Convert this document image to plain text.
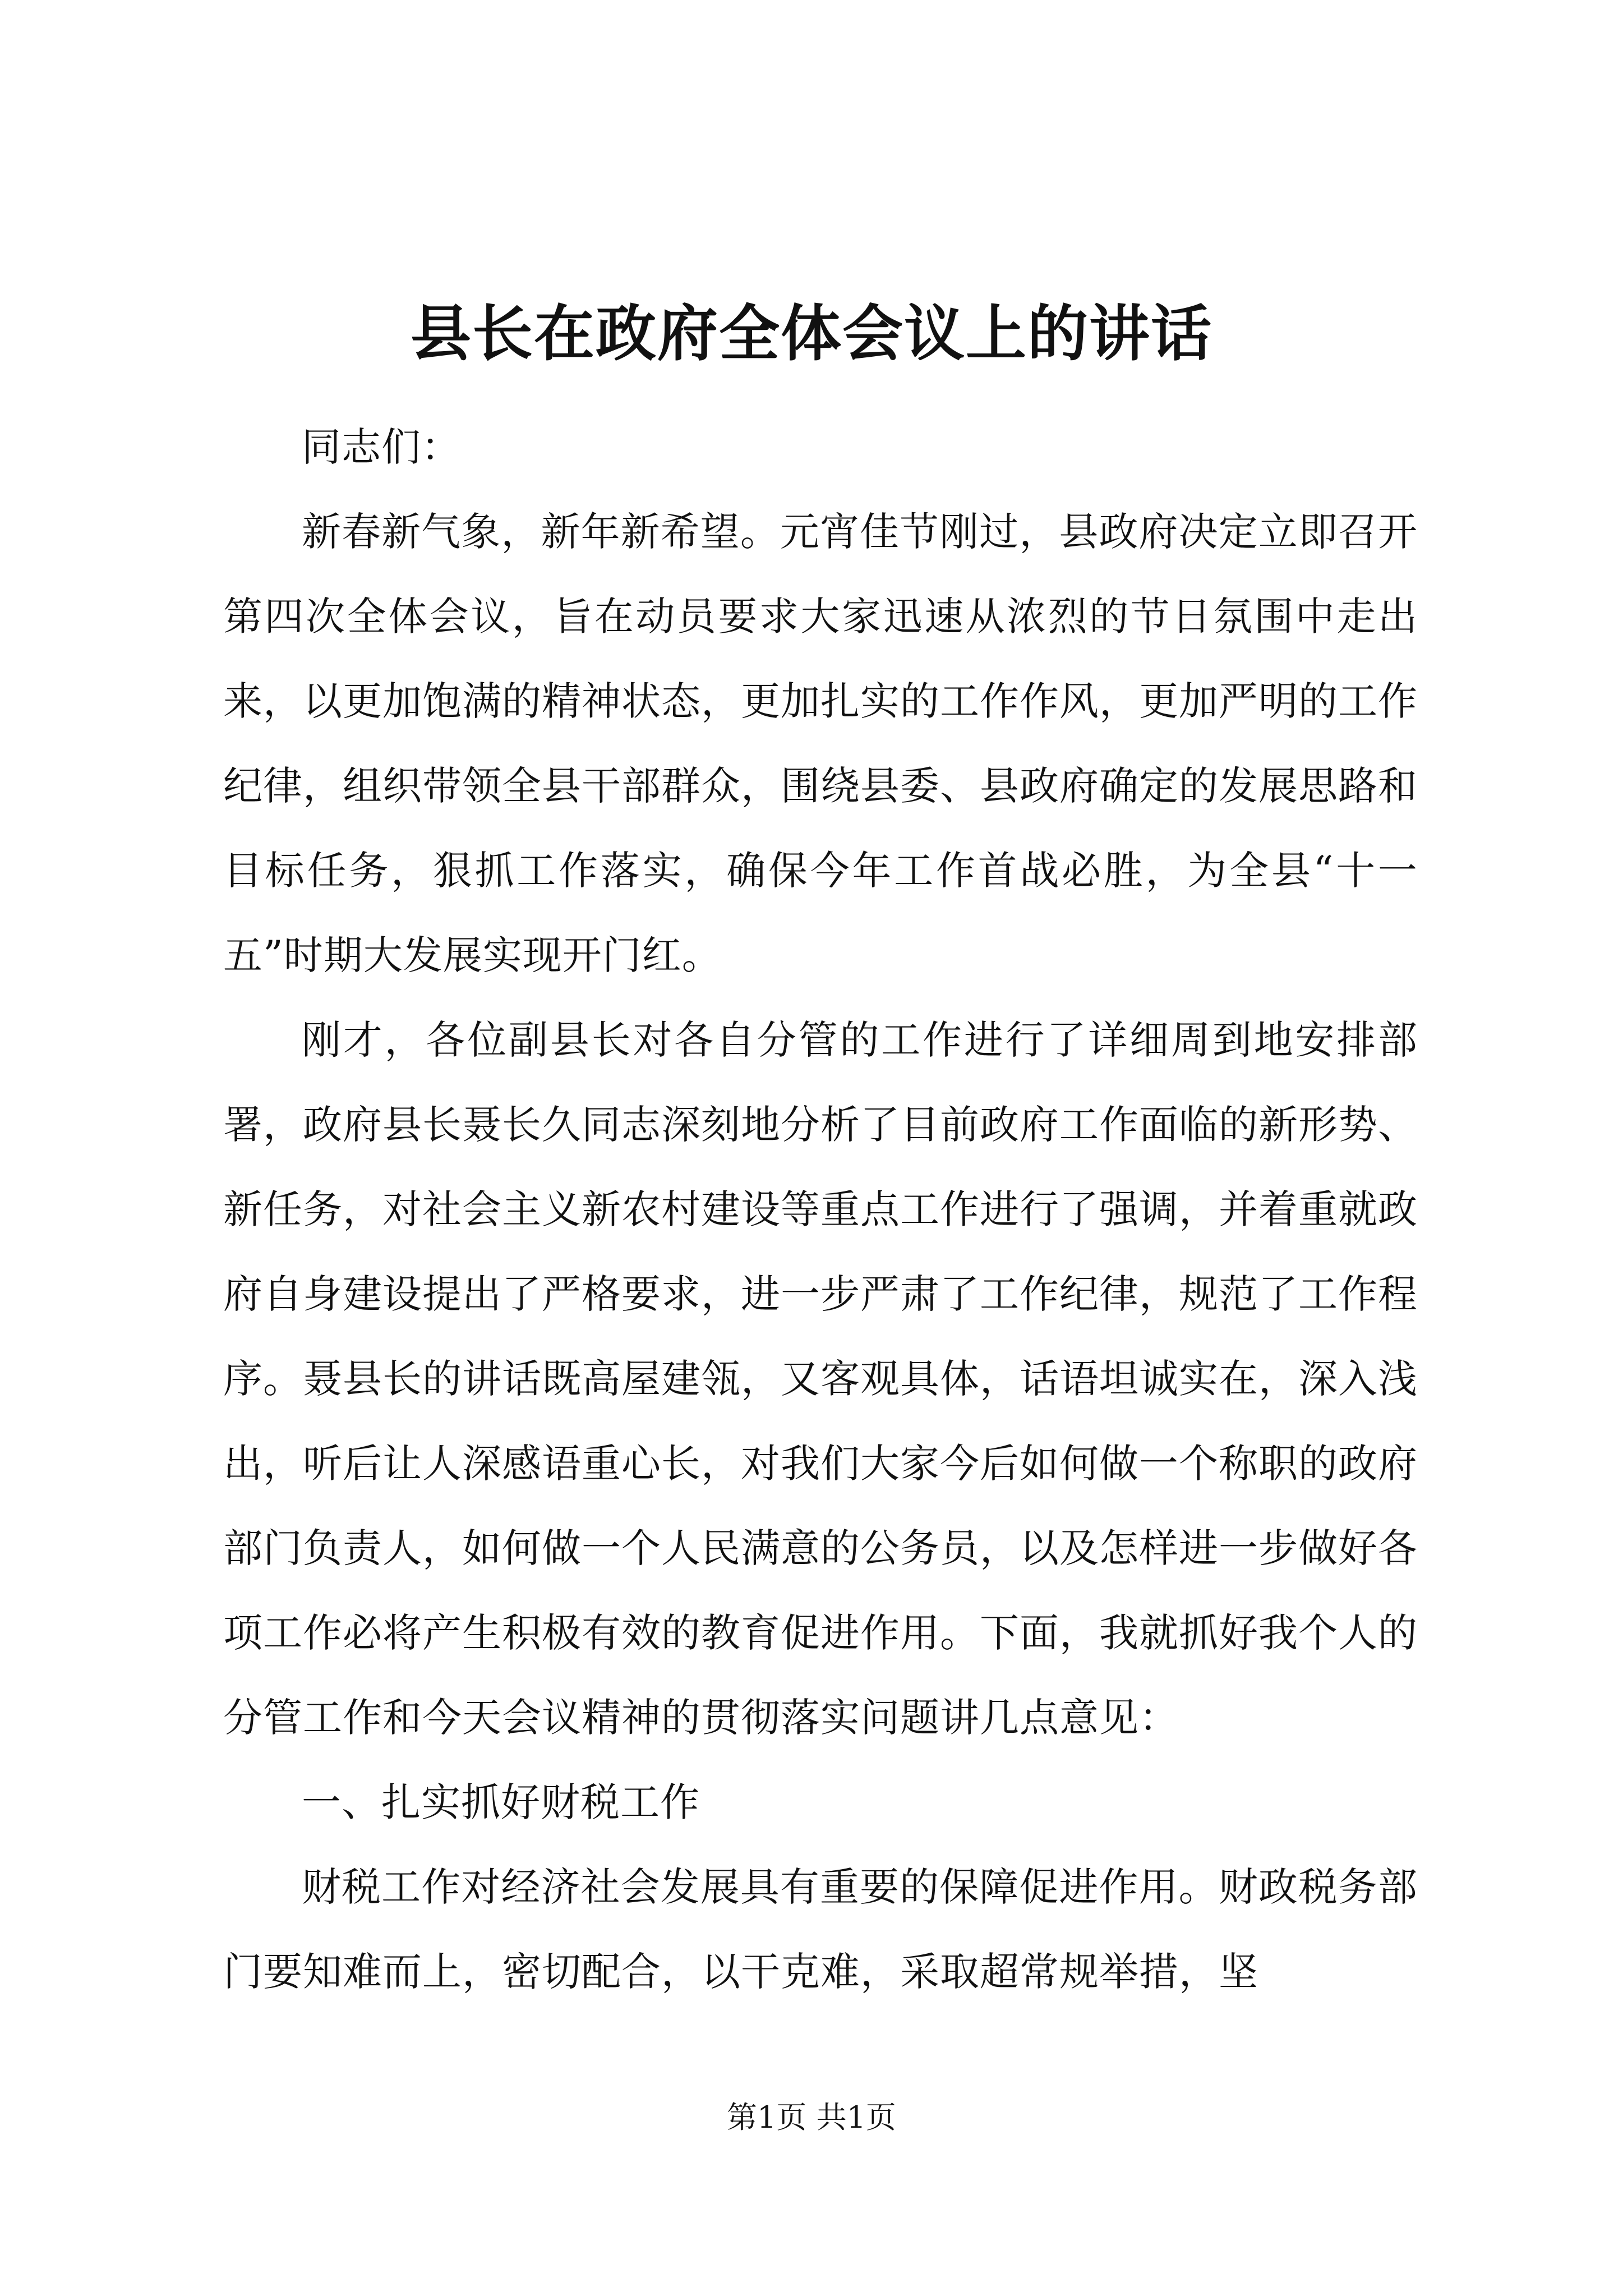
县长在政府全体会议上的讲话

同志们：

新春新气象，新年新希望。元宵佳节刚过，县政府决定立即召开第四次全体会议，旨在动员要求大家迅速从浓烈的节日氛围中走出来，以更加饱满的精神状态，更加扎实的工作作风，更加严明的工作纪律，组织带领全县干部群众，围绕县委、县政府确定的发展思路和目标任务，狠抓工作落实，确保今年工作首战必胜，为全县“十一五”时期大发展实现开门红。

刚才，各位副县长对各自分管的工作进行了详细周到地安排部署，政府县长聂长久同志深刻地分析了目前政府工作面临的新形势、新任务，对社会主义新农村建设等重点工作进行了强调，并着重就政府自身建设提出了严格要求，进一步严肃了工作纪律，规范了工作程序。聂县长的讲话既高屋建瓴，又客观具体，话语坦诚实在，深入浅出，听后让人深感语重心长，对我们大家今后如何做一个称职的政府部门负责人，如何做一个人民满意的公务员，以及怎样进一步做好各项工作必将产生积极有效的教育促进作用。下面，我就抓好我个人的分管工作和今天会议精神的贯彻落实问题讲几点意见：

一、扎实抓好财税工作

财税工作对经济社会发展具有重要的保障促进作用。财政税务部门要知难而上，密切配合，以干克难，采取超常规举措，坚

第1页 共1页
